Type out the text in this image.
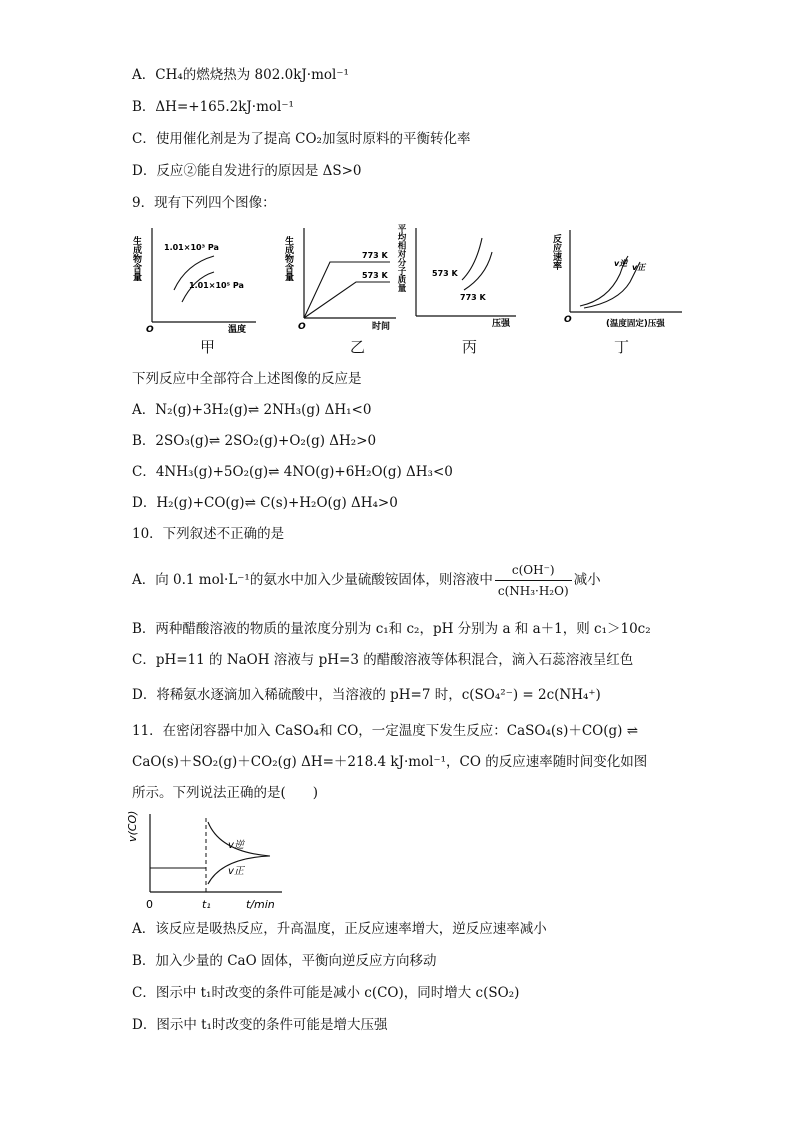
A．CH₄的燃烧热为 802.0kJ·mol⁻¹
B．ΔH=+165.2kJ·mol⁻¹
C．使用催化剂是为了提高 CO₂加氢时原料的平衡转化率
D．反应②能自发进行的原因是 ΔS>0
9．现有下列四个图像：
生成物含量	1.01×10³ Pa
1.01×10⁵ Pa
O	温度
甲
生成物含量	773 K
573 K
O	时间
乙
平均相对分子质量	573 K
773 K
压强
丙
反应速率	v逆 v正
O	(温度固定)压强
丁
下列反应中全部符合上述图像的反应是
A．N₂(g)+3H₂(g)⇌ 2NH₃(g) ΔH₁<0
B．2SO₃(g)⇌ 2SO₂(g)+O₂(g) ΔH₂>0
C．4NH₃(g)+5O₂(g)⇌ 4NO(g)+6H₂O(g) ΔH₃<0
D．H₂(g)+CO(g)⇌ C(s)+H₂O(g) ΔH₄>0
10．下列叙述不正确的是
A．向 0.1 mol·L⁻¹的氨水中加入少量硫酸铵固体，则溶液中 $\frac{c(OH^-)}{\text{c(NH₃·H₂O)}}$ 减小
B．两种醋酸溶液的物质的量浓度分别为 c₁和 c₂，pH 分别为 a 和 a＋1，则 c₁＞10c₂
C．pH=11 的 NaOH 溶液与 pH=3 的醋酸溶液等体积混合，滴入石蕊溶液呈红色
D．将稀氨水逐滴加入稀硫酸中，当溶液的 pH=7 时，c(SO₄²⁻) = 2c(NH₄⁺)
11．在密闭容器中加入 CaSO₄和 CO，一定温度下发生反应：CaSO₄(s)＋CO(g) ⇌
CaO(s)＋SO₂(g)＋CO₂(g) ΔH=＋218.4 kJ·mol⁻¹，CO 的反应速率随时间变化如图
所示。下列说法正确的是(　　)
v(CO)
v逆
v正
0	t₁	t/min
A．该反应是吸热反应，升高温度，正反应速率增大，逆反应速率减小
B．加入少量的 CaO 固体，平衡向逆反应方向移动
C．图示中 t₁时改变的条件可能是减小 c(CO)，同时增大 c(SO₂)
D．图示中 t₁时改变的条件可能是增大压强
